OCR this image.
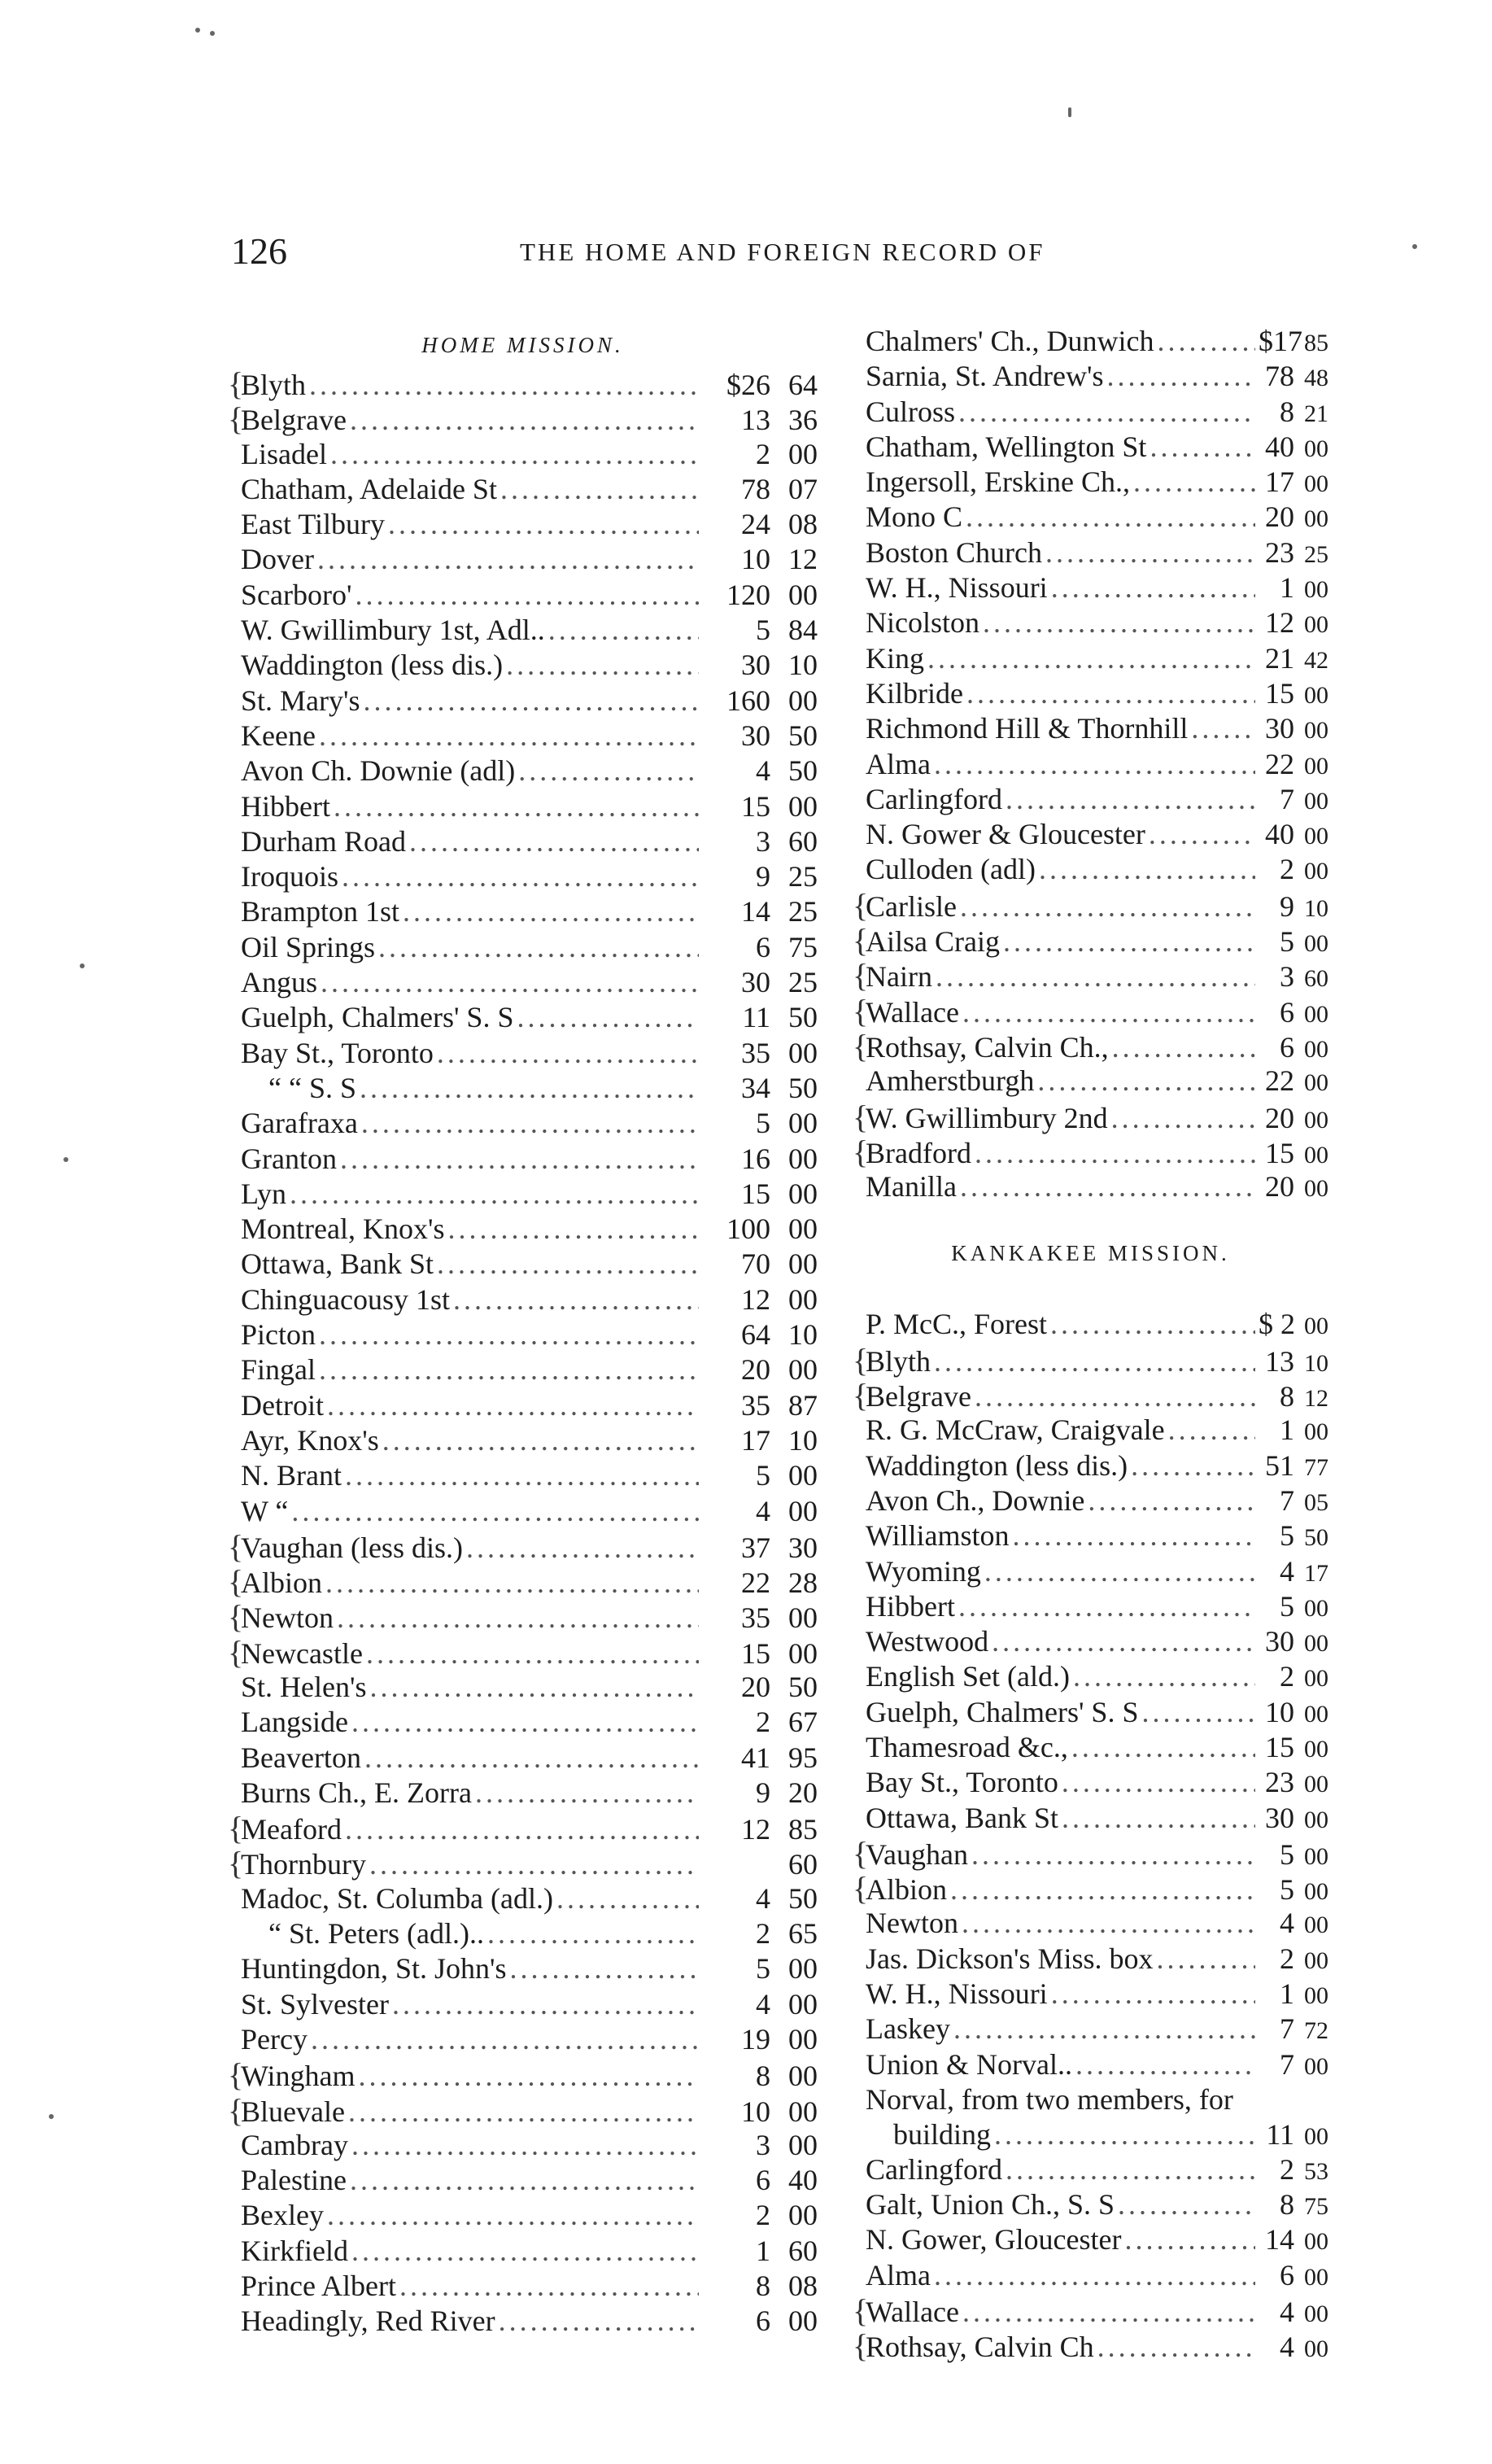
126	THE HOME AND FOREIGN RECORD OF
HOME MISSION.
{
Blyth .....	$26 64
{
Belgrave .....	13 36
Lisadel .....	2 00
Chatham, Adelaide St .....	78 07
East Tilbury .....	24 08
Dover .....	10 12
Scarboro' .....	120 00
W. Gwillimbury 1st, Adl.. .....	5 84
Waddington (less dis.) .....	30 10
St. Mary's .....	160 00
Keene .....	30 50
Avon Ch. Downie (adl) .....	4 50
Hibbert .....	15 00
Durham Road .....	3 60
Iroquois .....	9 25
Brampton 1st .....	14 25
Oil Springs .....	6 75
Angus .....	30 25
Guelph, Chalmers' S. S .....	11 50
Bay St., Toronto .....	35 00
“ “ S. S .....	34 50
Garafraxa .....	5 00
Granton .....	16 00
Lyn .....	15 00
Montreal, Knox's .....	100 00
Ottawa, Bank St .....	70 00
Chinguacousy 1st .....	12 00
Picton .....	64 10
Fingal .....	20 00
Detroit .....	35 87
Ayr, Knox's .....	17 10
N. Brant .....	5 00
W “ .....	4 00
{
Vaughan (less dis.) .....	37 30
{
Albion .....	22 28
{
Newton .....	35 00
{
Newcastle .....	15 00
St. Helen's .....	20 50
Langside .....	2 67
Beaverton .....	41 95
Burns Ch., E. Zorra .....	9 20
{
Meaford .....	12 85
{
Thornbury .....	60
Madoc, St. Columba (adl.) .....	4 50
“ St. Peters (adl.).. .....	2 65
Huntingdon, St. John's .....	5 00
St. Sylvester .....	4 00
Percy .....	19 00
{
Wingham .....	8 00
{
Bluevale .....	10 00
Cambray .....	3 00
Palestine .....	6 40
Bexley .....	2 00
Kirkfield .....	1 60
Prince Albert .....	8 08
Headingly, Red River .....	6 00
Chalmers' Ch., Dunwich .....	$17 85
Sarnia, St. Andrew's .....	78 48
Culross .....	8 21
Chatham, Wellington St .....	40 00
Ingersoll, Erskine Ch., .....	17 00
Mono C .....	20 00
Boston Church .....	23 25
W. H., Nissouri .....	1 00
Nicolston .....	12 00
King .....	21 42
Kilbride .....	15 00
Richmond Hill & Thornhill .....	30 00
Alma .....	22 00
Carlingford .....	7 00
N. Gower & Gloucester .....	40 00
Culloden (adl) .....	2 00
{
Carlisle .....	9 10
{
Ailsa Craig .....	5 00
{
Nairn .....	3 60
{
Wallace .....	6 00
{
Rothsay, Calvin Ch., .....	6 00
Amherstburgh .....	22 00
{
W. Gwillimbury 2nd .....	20 00
{
Bradford .....	15 00
Manilla .....	20 00
KANKAKEE MISSION.
P. McC., Forest .....	$ 2 00
{
Blyth .....	13 10
{
Belgrave .....	8 12
R. G. McCraw, Craigvale .....	1 00
Waddington (less dis.) .....	51 77
Avon Ch., Downie .....	7 05
Williamston .....	5 50
Wyoming .....	4 17
Hibbert .....	5 00
Westwood .....	30 00
English Set (ald.) .....	2 00
Guelph, Chalmers' S. S .....	10 00
Thamesroad &c., .....	15 00
Bay St., Toronto .....	23 00
Ottawa, Bank St .....	30 00
{
Vaughan .....	5 00
{
Albion .....	5 00
Newton .....	4 00
Jas. Dickson's Miss. box .....	2 00
W. H., Nissouri .....	1 00
Laskey .....	7 72
Union & Norval.. .....	7 00
Norval, from two members, for
building .....	11 00
Carlingford .....	2 53
Galt, Union Ch., S. S .....	8 75
N. Gower, Gloucester .....	14 00
Alma .....	6 00
{
Wallace .....	4 00
{
Rothsay, Calvin Ch .....	4 00
